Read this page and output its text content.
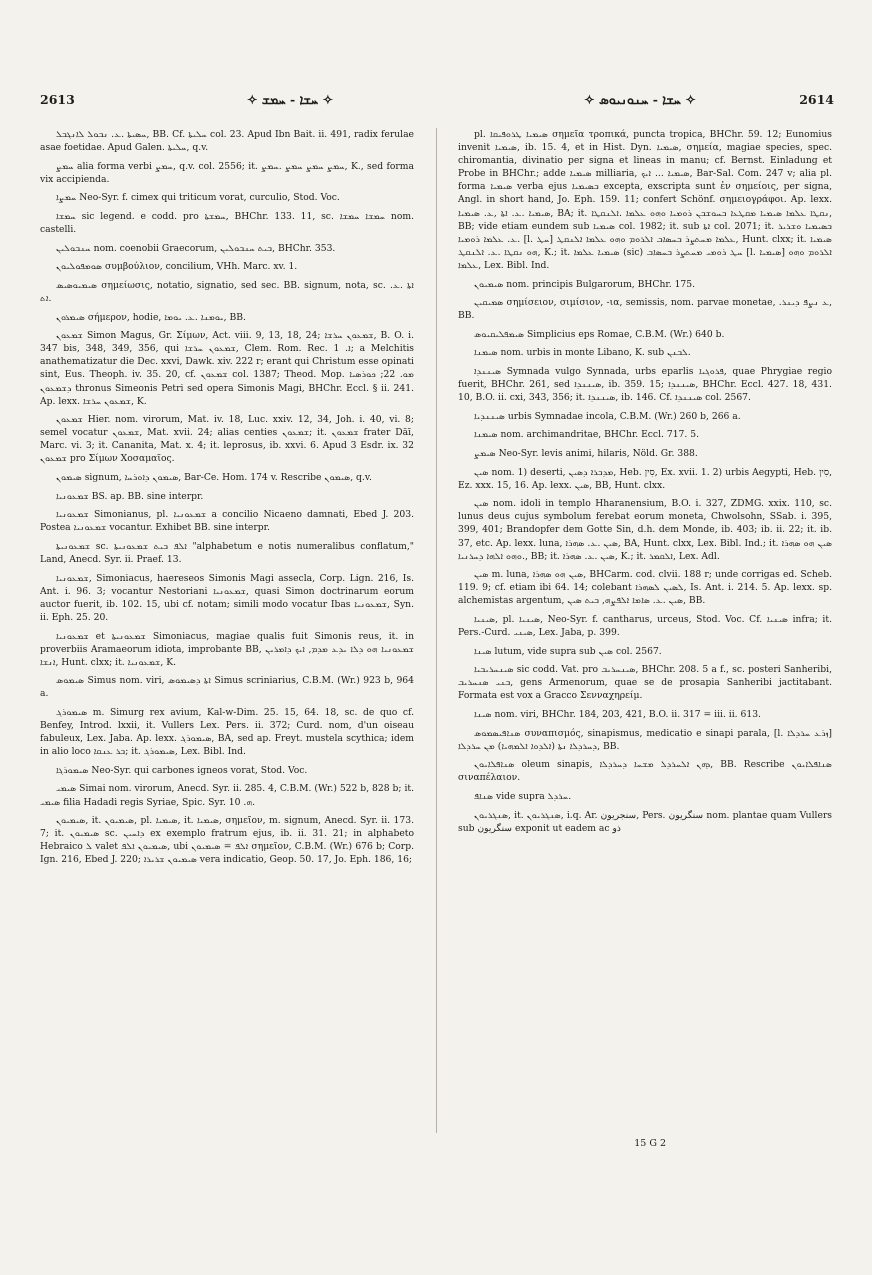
2613	✧ ܚܫܐ - ܚܡܫ ✧	✧ ܚܫܐ - ܚܢܘܢܝܘܣ ✧	2614

ܚܣܝܬܐ .ܥ. ܢܒܘܠ ܠܐܢܓܒܠ, BB. Cf. ܚܠܝܬܐ col. 23. Apud Ibn Bait. ii. 491, radix ferulae asae foetidae. Apud Galen. ܚܠܝܬܐ, q.v.

ܚܡܨ alia forma verbi ܚܡܨ, q.v. col. 2556; it. ܚܡܨ ܚܡܨ ܚܡܨ .ܚܡܨ, K., sed forma vix accipienda.

ܚܡܨܐ Neo-Syr. f. cimex qui triticum vorat, curculio, Stod. Voc.

ܚܡܫܐ sic legend. e codd. pro ܚܡܫܬܐ, BHChr. 133. 11, sc. ܚܡܫܐ ܚܡܫܐ nom. castelli.

ܚܢܒܘܠܝܢ nom. coenobii Graecorum, ܒܝܬ ܚܢܒܘܠܝܢ, BHChr. 353.

ܣܘܡܦܘܠܝܘܢ συμβούλιον, concilium, VHh. Marc. xv. 1.

ܣܝܡܝܘܣܝܣ σημείωσις, notatio, signatio, sed sec. BB. signum, nota, sc. ܐܬܐ .ܥ. ܐܬ.

ܣܝܡܪܘܢ σήμερον, hodie, ܝܘܡܢܐ .ܥ. ܝܘܡܐ, BB.

ܫܡܥܘܢ Simon Magus, Gr. Σίμων, Act. viii. 9, 13, 18, 24; ܫܡܥܘܢ ܚܪܫܐ, B. O. i. 347 bis, 348, 349, 356, qui ܫܡܥܘܢ ܚܪܫܐ, Clem. Rom. Rec. ܐ. 1; a Melchitis anathematizatur die Dec. xxvi, Dawk. xiv. 222 r; erant qui Christum esse opinati sint, Eus. Theoph. iv. 35. 20, cf. ܫܡܥܘܢ col. 1387; Theod. Mop. ܡܘ. 22; ܟܘܪܣܝܐ ܕܫܡܥܘܢ thronus Simeonis Petri sed opera Simonis Magi, BHChr. Eccl. § ii. 241. Ap. lexx. ܫܡܥܘܢ ܚܪܫܐ, K.

ܫܡܥܘܢ Hier. nom. virorum, Mat. iv. 18, Luc. xxiv. 12, 34, Joh. i. 40, vi. 8; semel vocatur ܫܡܥܘܢ, Mat. xvii. 24; alias centies ܫܡܥܘܢ; it. ܫܡܥܘܢ frater Dāī, Marc. vi. 3; it. Cananita, Mat. x. 4; it. leprosus, ib. xxvi. 6. Apud 3 Esdr. ix. 32 ܫܡܥܘܢ pro Σίμων Χοσαμαῖος.

ܣܝܡܘܢ signum, ܣܝܡܘܢ ܕܐܘܪܚܐ, Bar-Ce. Hom. 174 v. Rescribe ܣܝܡܘܢ, q.v.

ܫܡܥܘܢܝܐ BS. ap. BB. sine interpr.

ܫܡܥܘܢܝܐ Simonianus, pl. ܫܡܥܘܢܝܐ a concilio Nicaeno damnati, Ebed J. 203. Postea ܫܡܥܘܢܝܐ vocantur. Exhibet BB. sine interpr.

ܫܡܥܘܢܝܬܐ sc. ܐܠܦ ܒܝܬ ܫܡܥܘܢܝܬܐ "alphabetum e notis numeralibus conflatum," Land, Anecd. Syr. ii. Praef. 13.

ܫܡܥܘܢܝܐ, Simoniacus, haereseos Simonis Magi assecla, Corp. Lign. 216, Is. Ant. i. 96. 3; vocantur Nestoriani ܫܡܥܘܢܝܐ, quasi Simon doctrinarum eorum auctor fuerit, ib. 102. 15, ubi cf. notam; simili modo vocatur Ibas ܫܡܥܘܢܝܐ, Syn. ii. Eph. 25. 20.

ܫܡܥܘܢܝܐ et ܫܡܥܘܢܝܬܐ Simoniacus, magiae qualis fuit Simonis reus, it. in proverbiis Aramaeorum idiota, improbante BB, ܫܡܥܘܢܝܐ ܗܘ ܕܠܐ ܝܕܥ ܡܕܡ, ܐܝܟ ܕܐܡܪܝܢ ܐܢܫܐ, Hunt. clxx; it. ܫܡܥܘܢܝܐ, K.

ܣܝܡܘܣ Simus nom. viri, ܐܬܐ ܕܣܝܡܘܣ Simus scriniarius, C.B.M. (Wr.) 923 b, 964 a.

ܣܝܡܘܪܓ m. Simurg rex avium, Kal-w-Dim. 25. 15, 64. 18, sc. de quo cf. Benfey, Introd. lxxii, it. Vullers Lex. Pers. ii. 372; Curd. nom, d'un oiseau fabuleux, Lex. Jaba. Ap. lexx. ܣܝܡܘܪܓ, BA, sed ap. Freyt. mustela scythica; idem in alio loco ܒܪ ܥܢܩܐ; it. ܣܝܡܘܪܓ, Lex. Bibl. Ind.

ܣܝܡܘܪܓܐ Neo-Syr. qui carbones igneos vorat, Stod. Voc.

ܣܝܡܝ Simai nom. virorum, Anecd. Syr. ii. 285. 4, C.B.M. (Wr.) 522 b, 828 b; it. ܣܝܡܝ filia Hadadi regis Syriae, Spic. Syr. ܗ. 10.

ܣܝܡܝܘܢ, it. ܣܝܡܝܘܢ, pl. ܣܝܡܝܐ, it. ܣܝܡܝܐ, σημεῖον, m. signum, Anecd. Syr. ii. 173. 7; it. ܣܝܡܝܘܢ sc. ܕܐܚܝܢ ex exemplo fratrum ejus, ib. ii. 31. 21; in alphabeto Hebraico ܠ valet ܣܝܡܝܘܢ ܐܠܦ, ubi ܐܠܦ = ܣܝܡܝܘܢ σημεῖον, C.B.M. (Wr.) 676 b; Corp. Ign. 216, Ebed J. 220; ܣܝܡܝܘܢ ܫܪܝܪܐ vera indicatio, Geop. 50. 17, Jo. Eph. 186, 16;

pl. ܣܝܡܝܐ ܛܪܘܦܝܩܐ σημεῖα τροπικά, puncta tropica, BHChr. 59. 12; Eunomius invenit ܣܝܡܝܐ, ib. 15. 4, et in Hist. Dyn. ܣܝܡܝܐ, σημεία, magiae species, spec. chiromantia, divinatio per signa et lineas in manu; cf. Bernst. Einladung et Probe in BHChr.; adde ܣܝܡܝܐ milliaria, ܣܝܡܝܐ ... ܐܝܟ, Bar-Sal. Com. 247 v; alia pl. forma ܣܝܡܝܐ verba ejus ܒܣܝܡܝܐ excepta, exscripta sunt ἐν σημείοις, per signa, Angl. in short hand, Jo. Eph. 159. 11; confert Schönf. σημειογράφοι. Ap. lexx. ܣܝܡܝܐ .ܥ. ܐܬܐ ,ܥ. ܣܝܡܝܐ, BA; it. ܢܩܛܐ ܥܠܡܐ ܣܝܡܝܐ ܡܩܛܥܐ ܒܚܘܫܒܢ ܪܘܡܝܐ ܘܗܘ ܥܠܡܐ .ܐܠܢܩܛܐ, BB; vide etiam eundem sub ܣܝܡܝܐ col. 1982; it. sub ܐܬܐ col. 2071; it. ܒܣܝܡܝܐ ܘܫܪܝܪ .ܥ. ܥܠܡܐ ܪܘܡܝܐ [l. ܚܛ] ܥܠܡܐ ܡܚܬܨܪ ܒܚܣܐܒ ܐܠܪܘܡ ܘܗܘ ܥܠܡܐ ܐܠܢܩܛ, Hunt. clxx; it. ܣܝܡܝܐ ܗܘ ܢܩܛܐ .ܥ. ܐܠܢܩܛ, K.; it. ܣܝܡܝܐ ܥܠܡܐ (sic) ܚܛ ܪܘܡܝ ܡܚܬܨܪ ܒܚܣܐܒ [l. ܣܝܡܝܐ] ܐܠܪܘܡ ܘܗܘ ܥܠܡܐ, Lex. Bibl. Ind.

ܣܝܡܝܘܢ nom. principis Bulgarorum, BHChr. 175.

ܣܡܝܩܝܢ σημίσειον, σιμίσιον, -ια, semissis, nom. parvae monetae, .ܥ ܢܨܦ ܕܝܢܪ, BB.

ܣܝܡܦܠܝܩܝܘܣ Simplicius eps Romae, C.B.M. (Wr.) 640 b.

ܣܝܡܢܐ nom. urbis in monte Libano, K. sub ܠܒܢܢ.

ܣܝܢܢܕܐ Symnada vulgo Synnada, urbs eparlis ܦܪܘܓܝܐ, quae Phrygiae regio fuerit, BHChr. 261, sed ܣܝܢܢܕܐ, ib. 359. 15; ܣܝܢܢܕܐ, BHChr. Eccl. 427. 18, 431. 10, B.O. ii. cxi, 343, 356; it. ܣܝܢܢܕܐ, ib. 146. Cf. ܣܝܢܢܕܐ col. 2567.

ܣܝܢܢܕܝܐ urbis Symnadae incola, C.B.M. (Wr.) 260 b, 266 a.

ܣܝܡܢܐ nom. archimandritae, BHChr. Eccl. 717. 5.

ܣܝܡܨ Neo-Syr. levis animi, hilaris, Nöld. Gr. 388.

ܣܝܢ nom. 1) deserti, ܡܕܒܪܐ ܕܣܝܢ, Heb. סִין, Ex. xvii. 1. 2) urbis Aegypti, Heb. סִין, Ez. xxx. 15, 16. Ap. lexx. ܣܝܢ, BB, Hunt. clxx.

ܣܝܢ nom. idoli in templo Hharanensium, B.O. i. 327, ZDMG. xxix. 110, sc. lunus deus cujus symbolum ferebat eorum moneta, Chwolsohn, SSab. i. 395, 399, 401; Brandopfer dem Gotte Sin, d.h. dem Monde, ib. 403; ib. ii. 22; it. ib. 37, etc. Ap. lexx. luna, ܣܝܢ .ܥ. ܣܗܪܐ, BA, Hunt. clxx, Lex. Bibl. Ind.; it. ܣܝܢ ܗܘ ܣܗܪܐ .ܘܗܘ ܐܠܗܐ ܕܚܪܢܝܐ, BB; it. ܣܝܢ .ܥ. ܣܗܪܐ, K.; it. ܐܠܩܡܪ, Lex. Adl.

ܣܝܢ m. luna, ܣܝܢ ܗܘ ܣܗܪܐ, BHCarm. cod. clvii. 188 r; unde corrigas ed. Scheb. 119. 9; cf. etiam ibi 64. 14; colebant ܠܣܝܢ ܠܣܗܪܐ, Is. Ant. i. 214. 5. Ap. lexx. sp. alchemistas argentum, ܣܝܢ .ܥ. ܣܐܡܐ ܐܠܦܨܗ, ܒܝܬ ܣܝܢ, BB.

ܣܝܢܝܐ, pl. ܣܝܢܝܐ, Neo-Syr. f. cantharus, urceus, Stod. Voc. Cf. ܣܝܢܝܐ infra; it. Pers.-Curd. ܣܝܢܝ, Lex. Jaba, p. 399.

ܣܝܢܐ lutum, vide supra sub ܣܝܢ col. 2567.

ܣܝܢܚܪܝܒܝܐ sic codd. Vat. pro ܣܝܢܚܪܝܒ, BHChr. 208. 5 a f., sc. posteri Sanheribi, ܒܢܝ ܣܢܚܪܝܒ, gens Armenorum, quae se de prosapia Sanheribi jactitabant. Formata est vox a Gracco Σενναχηρείμ.

ܣܝܢܐ nom. viri, BHChr. 184, 203, 421, B.O. ii. 317 = iii. ii. 613.

ܣܢܐܦܝܣܡܘܣ συναπισμός, sinapismus, medicatio e sinapi parala, [l. ܙܪܥ ܚܪܕܠܐ] ܕܚܪܕܠܐ ܢܬܐ (ܐܠܕܘܐ ܐܠܡܗܝܐ) ܡܢ ܚܪܕܠܐ, BB.

ܣܢܐܦܠܐܝܘܢ oleum sinapis, ܕܗܢ ܐܠܚܪܕܠ ܡܫܚܐ ܕܚܪܕܠܐ, BB. Rescribe ܣܢܐܦܠܐܝܘܢ σιναπέλαιον.

ܣܢܐܦ vide supra ܚܪܕܠ.

ܣܢܓܪܝܘܢ, it. ܣܢܓܪܝܘܢ, i.q. Ar. سنجريون, Pers. سنگریون nom. plantae quam Vullers sub سنگریون exponit ut eadem ac ذو

15 G 2
